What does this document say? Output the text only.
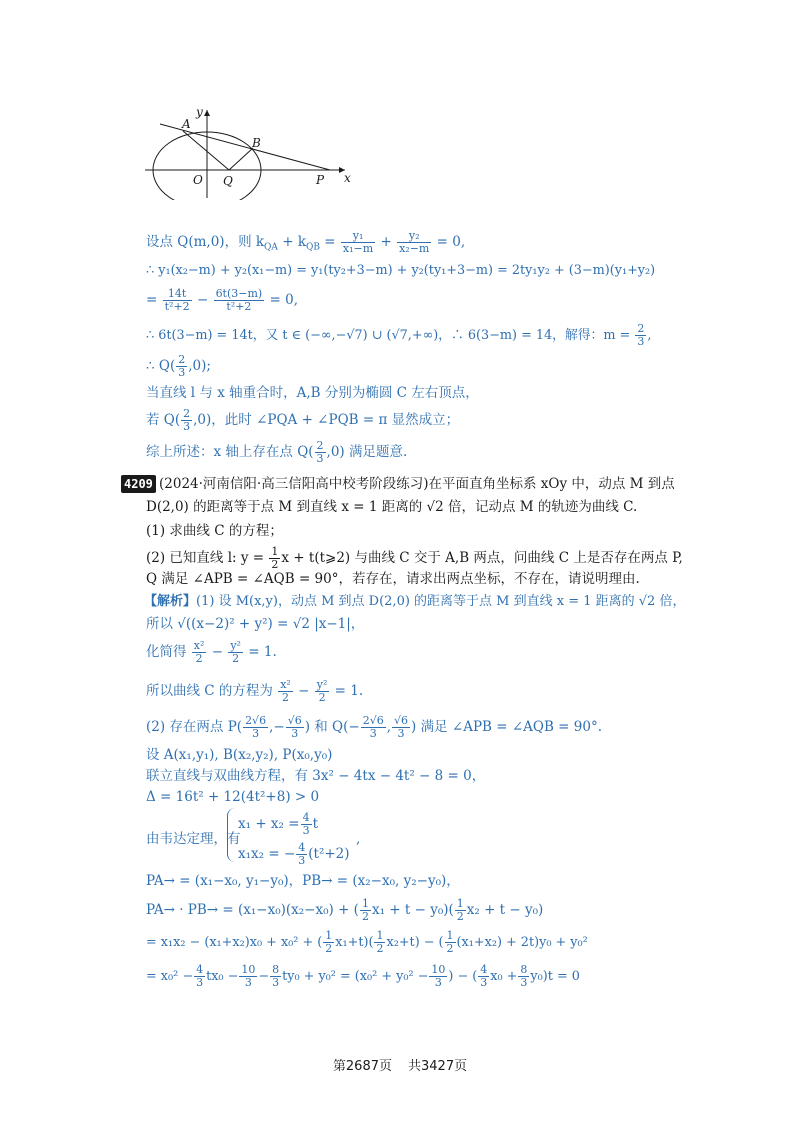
y
x
A
B
O Q	P
设点 Q(m,0)，则 $k_{QA} + k_{QB} = \frac{\text{y₁}}{\text{x₁−m}} + \frac{\text{y₂}}{\text{x₂−m}} = 0$,
∴ y₁(x₂−m) + y₂(x₁−m) = y₁(ty₂+3−m) + y₂(ty₁+3−m) = 2ty₁y₂ + (3−m)(y₁+y₂)
= $\frac{14t}{\text{t²+2}} - \frac{6t(3-m)}{\text{t²+2}} = 0$,
∴ 6t(3−m) = 14t，又 t ∈ (−∞,−√7) ∪ (√7,+∞)，∴ 6(3−m) = 14，解得：$m = \frac{2}{3}$ ,
∴ $Q( \frac{2}{3} ,0)$;
当直线 l 与 x 轴重合时，A,B 分别为椭圆 C 左右顶点，
若 $Q( \frac{2}{3} ,0)$，此时 ∠PQA + ∠PQB = π 显然成立；
综上所述：x 轴上存在点 $Q( \frac{2}{3} ,0)$ 满足题意.
4209 (2024·河南信阳·高三信阳高中校考阶段练习)在平面直角坐标系 xOy 中，动点 M 到点
D(2,0) 的距离等于点 M 到直线 x = 1 距离的 √2 倍，记动点 M 的轨迹为曲线 C.
(1) 求曲线 C 的方程；
(2) 已知直线 l: $y = \frac{1}{2}$ x + t(t⩾2) 与曲线 C 交于 A,B 两点，问曲线 C 上是否存在两点 P,
Q 满足 ∠APB = ∠AQB = 90°，若存在，请求出两点坐标，不存在，请说明理由.
【解析】(1) 设 M(x,y)，动点 M 到点 D(2,0) 的距离等于点 M 到直线 x = 1 距离的 √2 倍，
所以 √((x−2)² + y²) = √2 |x−1|，
化简得 $\frac{\text{x²}}{2} - \frac{\text{y²}}{2} = 1$.
所以曲线 C 的方程为 $\frac{\text{x²}}{2} - \frac{\text{y²}}{2} = 1$.
(2) 存在两点 $P( \frac{2√6}{3}$ ,− $\frac{√6}{3}$ ) 和 $Q(- \frac{2√6}{3}$ , $\frac{√6}{3}$ ) 满足 ∠APB = ∠AQB = 90°.
设 A(x₁,y₁), B(x₂,y₂), P(x₀,y₀)
联立直线与双曲线方程，有 3x² − 4tx − 4t² − 8 = 0，
Δ = 16t² + 12(4t²+8) > 0
由韦达定理，有
$x_1 + x_2 = \frac{4}{3}$ t
x₁x₂ = − $\frac{4}{3} (t^2+2)$
,
PA→ = (x₁−x₀, y₁−y₀)，PB→ = (x₂−x₀, y₂−y₀)，
PA→ · PB→ = (x₁−x₀)(x₂−x₀) + ( $\frac{1}{2} x_1 + t - y_0)( \frac{1}{2} x_2 + t - y_0)$
= x₁x₂ − (x₁+x₂)x₀ + x₀² + ( $\frac{1}{2} x_1+t)( \frac{1}{2} x_2+t)$ − ( $\frac{1}{2} (x_1+x_2) + 2t)y_0 + y_0^2$
= $x_0^2 - \frac{4}{3} tx_0 - \frac{10}{3} - \frac{8}{3} ty_0 + y_0^2 = (x_0^2 + y_0^2 - \frac{10}{3}$ ) − ( $\frac{4}{3} x_0 + \frac{8}{3} y_0)t = 0$
第2687页 共3427页
